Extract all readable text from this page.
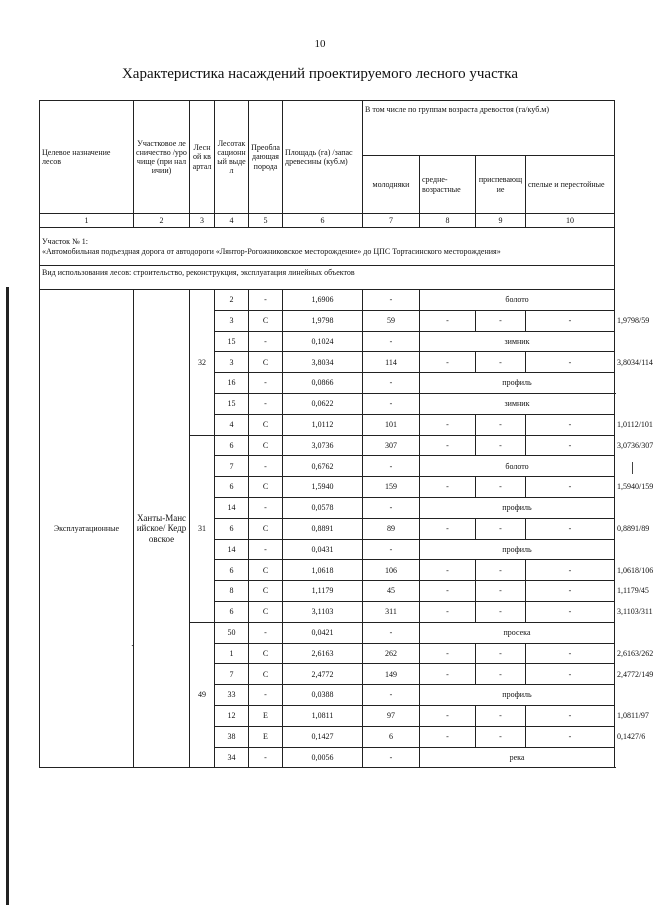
10
Характеристика насаждений проектируемого лесного участка
ˎ
Целевое назначение лесов	Участковое лесничество /урочище (при наличии)	Лесной квартал	Лесотаксационный выдел	Преобладающая порода	Площадь (га) /запас древесины (куб.м)	В том числе по группам возраста древостоя (га/куб.м)				
						молодняки	средне-возрастные	приспевающие	спелые и перестойные	
1	2	3	4	5	6	7	8	9	10	

Участок № 1:
«Автомобильная подъездная дорога от автодороги «Лянтор-Рогожниковское месторождение» до ЦПС Тортасинского месторождения»										

Вид использования лесов: строительство, реконструкция, эксплуатация линейных объектов										
Эксплуатационные	Ханты-Мансийское/ Кедровское	32	2	-	1,6906	-	болото			
			3	С	1,9798	59	-	-	-	1,9798/59
			15	-	0,1024	-	зимник			
			3	С	3,8034	114	-	-	-	3,8034/114
			16	-	0,0866	-	профиль			
			15	-	0,0622	-	зимник			
			4	С	1,0112	101	-	-	-	1,0112/101
		31	6	С	3,0736	307	-	-	-	3,0736/307
			7	-	0,6762	-	болото			
			6	С	1,5940	159	-	-	-	1,5940/159
			14	-	0,0578	-	профиль			
			6	С	0,8891	89	-	-	-	0,8891/89
			14	-	0,0431	-	профиль			
			6	С	1,0618	106	-	-	-	1,0618/106
			8	С	1,1179	45	-	-	-	1,1179/45
			6	С	3,1103	311	-	-	-	3,1103/311
		49	50	-	0,0421	-	просека			
			1	С	2,6163	262	-	-	-	2,6163/262
			7	С	2,4772	149	-	-	-	2,4772/149
			33	-	0,0388	-	профиль			
			12	Е	1,0811	97	-	-	-	1,0811/97
			38	Е	0,1427	6	-	-	-	0,1427/6
			34	-	0,0056	-	река			
